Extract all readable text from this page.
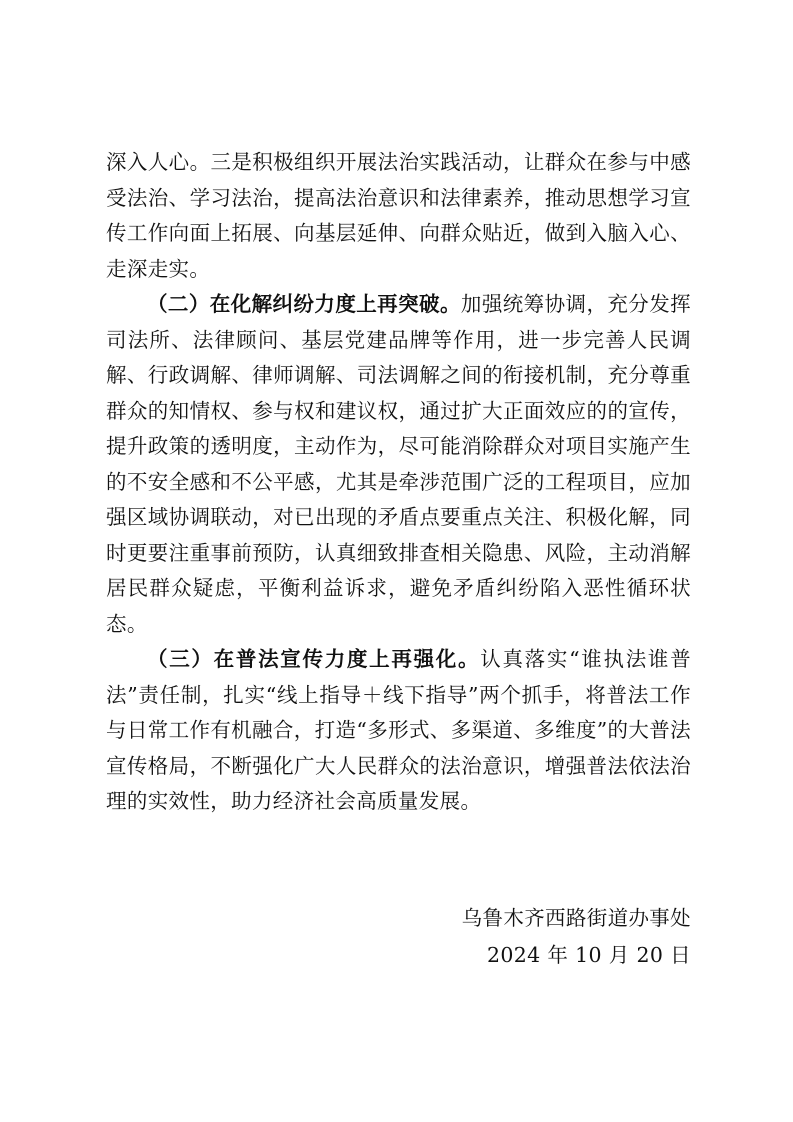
深入人心。三是积极组织开展法治实践活动，让群众在参与中感受法治、学习法治，提高法治意识和法律素养，推动思想学习宣传工作向面上拓展、向基层延伸、向群众贴近，做到入脑入心、走深走实。

（二）在化解纠纷力度上再突破。加强统筹协调，充分发挥司法所、法律顾问、基层党建品牌等作用，进一步完善人民调解、行政调解、律师调解、司法调解之间的衔接机制，充分尊重群众的知情权、参与权和建议权，通过扩大正面效应的的宣传，提升政策的透明度，主动作为，尽可能消除群众对项目实施产生的不安全感和不公平感，尤其是牵涉范围广泛的工程项目，应加强区域协调联动，对已出现的矛盾点要重点关注、积极化解，同时更要注重事前预防，认真细致排查相关隐患、风险，主动消解居民群众疑虑，平衡利益诉求，避免矛盾纠纷陷入恶性循环状态。

（三）在普法宣传力度上再强化。认真落实“谁执法谁普法”责任制，扎实“线上指导＋线下指导”两个抓手，将普法工作与日常工作有机融合，打造“多形式、多渠道、多维度”的大普法宣传格局，不断强化广大人民群众的法治意识，增强普法依法治理的实效性，助力经济社会高质量发展。

乌鲁木齐西路街道办事处
2024 年 10 月 20 日
